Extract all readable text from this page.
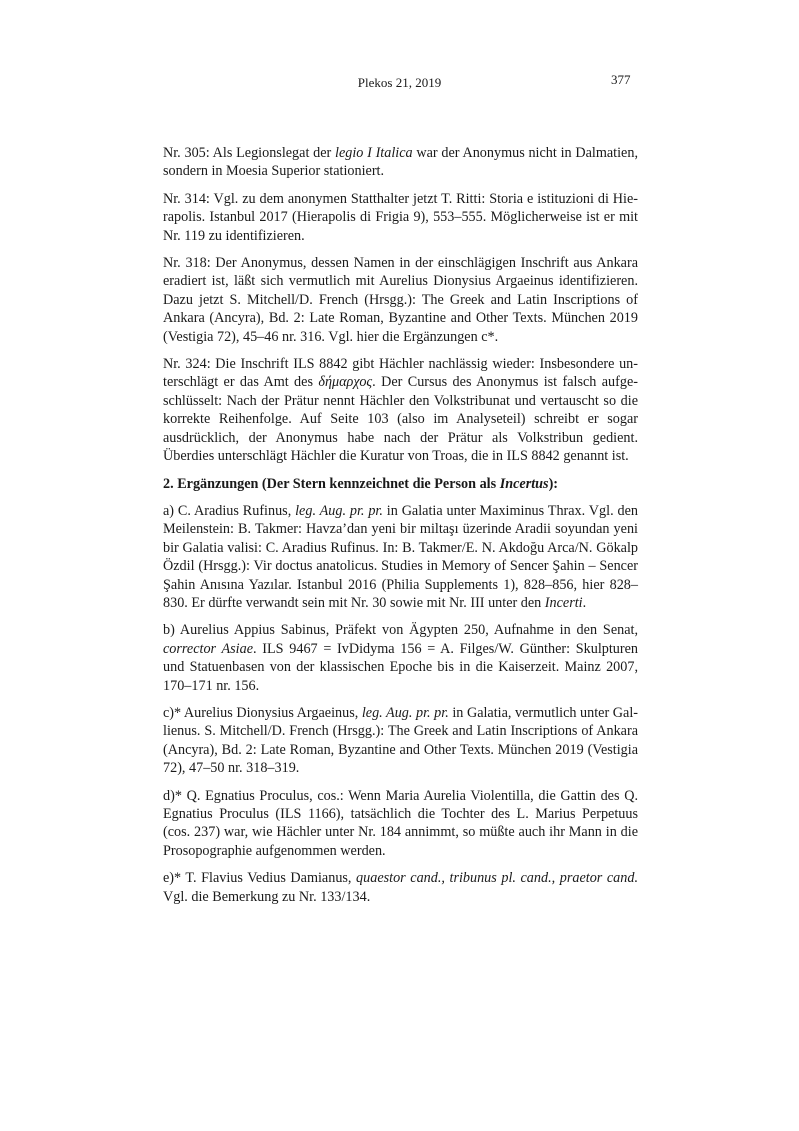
Plekos 21, 2019	377

Nr. 305: Als Legionslegat der legio I Italica war der Anonymus nicht in Dalmatien, sondern in Moesia Superior stationiert.

Nr. 314: Vgl. zu dem anonymen Statthalter jetzt T. Ritti: Storia e istituzioni di Hierapolis. Istanbul 2017 (Hierapolis di Frigia 9), 553–555. Möglicherweise ist er mit Nr. 119 zu identifizieren.

Nr. 318: Der Anonymus, dessen Namen in der einschlägigen Inschrift aus Ankara eradiert ist, läßt sich vermutlich mit Aurelius Dionysius Argaeinus identifizieren. Dazu jetzt S. Mitchell/D. French (Hrsgg.): The Greek and Latin Inscriptions of Ankara (Ancyra), Bd. 2: Late Roman, Byzantine and Other Texts. München 2019 (Vestigia 72), 45–46 nr. 316. Vgl. hier die Ergänzungen c*.

Nr. 324: Die Inschrift ILS 8842 gibt Hächler nachlässig wieder: Insbesondere unterschlägt er das Amt des δήμαρχος. Der Cursus des Anonymus ist falsch aufgeschlüsselt: Nach der Prätur nennt Hächler den Volkstribunat und vertauscht so die korrekte Reihenfolge. Auf Seite 103 (also im Analyseteil) schreibt er sogar ausdrücklich, der Anonymus habe nach der Prätur als Volkstribun gedient. Überdies unterschlägt Hächler die Kuratur von Troas, die in ILS 8842 genannt ist.

2. Ergänzungen (Der Stern kennzeichnet die Person als Incertus):

a) C. Aradius Rufinus, leg. Aug. pr. pr. in Galatia unter Maximinus Thrax. Vgl. den Meilenstein: B. Takmer: Havza’dan yeni bir miltaşı üzerinde Aradii soyundan yeni bir Galatia valisi: C. Aradius Rufinus. In: B. Takmer/E. N. Akdoğu Arca/N. Gökalp Özdil (Hrsgg.): Vir doctus anatolicus. Studies in Memory of Sencer Şahin – Sencer Şahin Anısına Yazılar. Istanbul 2016 (Philia Supplements 1), 828–856, hier 828–830. Er dürfte verwandt sein mit Nr. 30 sowie mit Nr. III unter den Incerti.

b) Aurelius Appius Sabinus, Präfekt von Ägypten 250, Aufnahme in den Senat, corrector Asiae. ILS 9467 = IvDidyma 156 = A. Filges/W. Günther: Skulpturen und Statuenbasen von der klassischen Epoche bis in die Kaiserzeit. Mainz 2007, 170–171 nr. 156.

c)* Aurelius Dionysius Argaeinus, leg. Aug. pr. pr. in Galatia, vermutlich unter Gallienus. S. Mitchell/D. French (Hrsgg.): The Greek and Latin Inscriptions of Ankara (Ancyra), Bd. 2: Late Roman, Byzantine and Other Texts. München 2019 (Vestigia 72), 47–50 nr. 318–319.

d)* Q. Egnatius Proculus, cos.: Wenn Maria Aurelia Violentilla, die Gattin des Q. Egnatius Proculus (ILS 1166), tatsächlich die Tochter des L. Marius Perpetuus (cos. 237) war, wie Hächler unter Nr. 184 annimmt, so müßte auch ihr Mann in die Prosopographie aufgenommen werden.

e)* T. Flavius Vedius Damianus, quaestor cand., tribunus pl. cand., praetor cand. Vgl. die Bemerkung zu Nr. 133/134.
